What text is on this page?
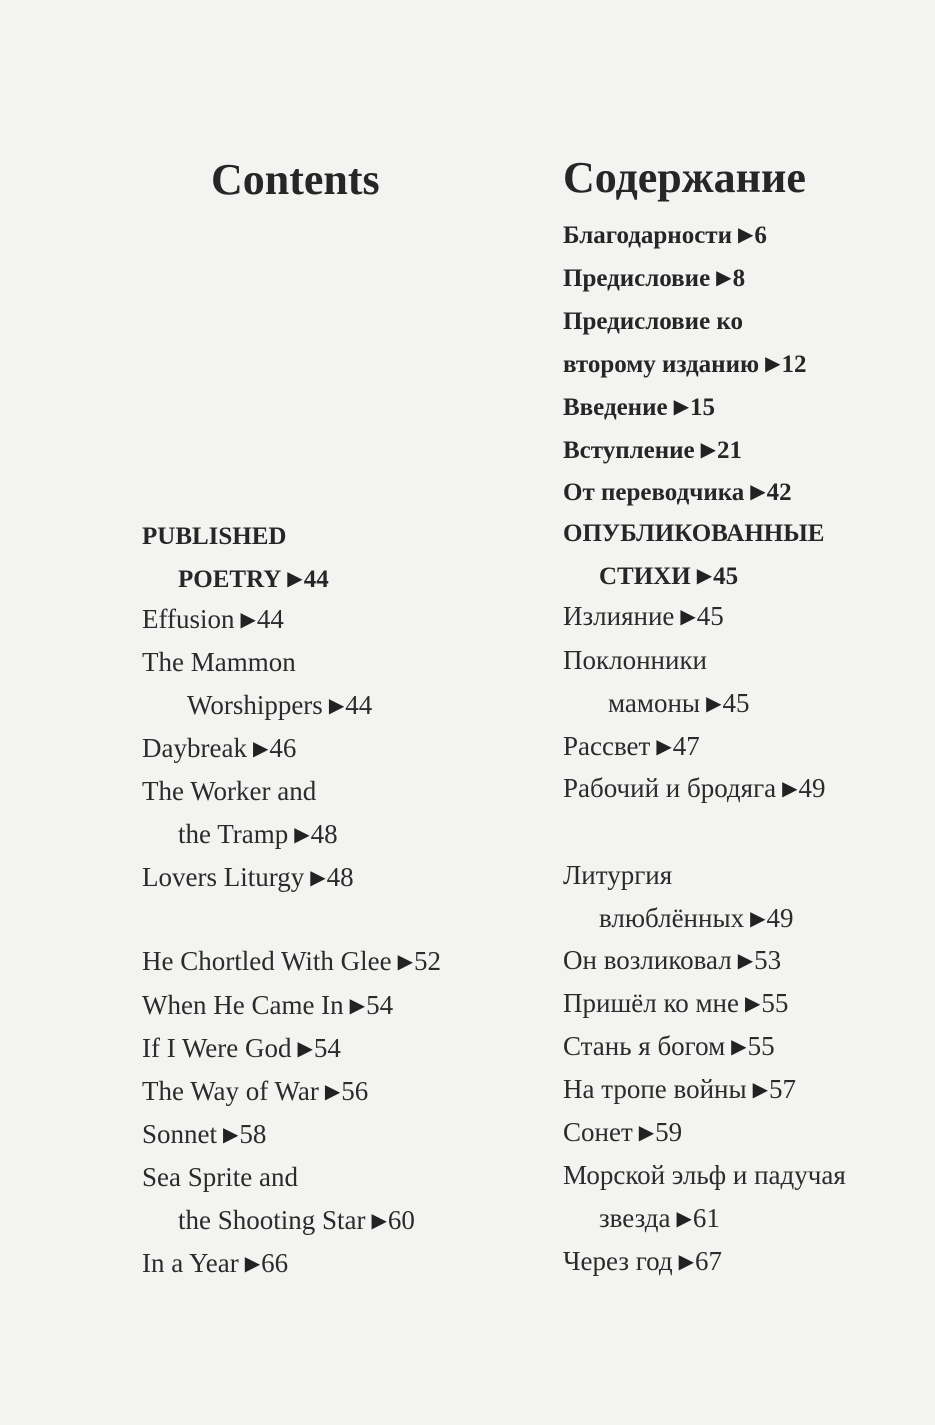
Contents
PUBLISHED
POETRY ▶44
Effusion ▶44
The Mammon
Worshippers ▶44
Daybreak ▶46
The Worker and
the Tramp ▶48
Lovers Liturgy ▶48
He Chortled With Glee ▶52
When He Came In ▶54
If I Were God ▶54
The Way of War ▶56
Sonnet ▶58
Sea Sprite and
the Shooting Star ▶60
In a Year ▶66
Содержание
Благодарности ▶6
Предисловие ▶8
Предисловие ко
второму изданию ▶12
Введение ▶15
Вступление ▶21
От переводчика ▶42
ОПУБЛИКОВАННЫЕ
СТИХИ ▶45
Излияние ▶45
Поклонники
мамоны ▶45
Рассвет ▶47
Рабочий и бродяга ▶49
Литургия
влюблённых ▶49
Он возликовал ▶53
Пришёл ко мне ▶55
Стань я богом ▶55
На тропе войны ▶57
Сонет ▶59
Морской эльф и падучая
звезда ▶61
Через год ▶67
